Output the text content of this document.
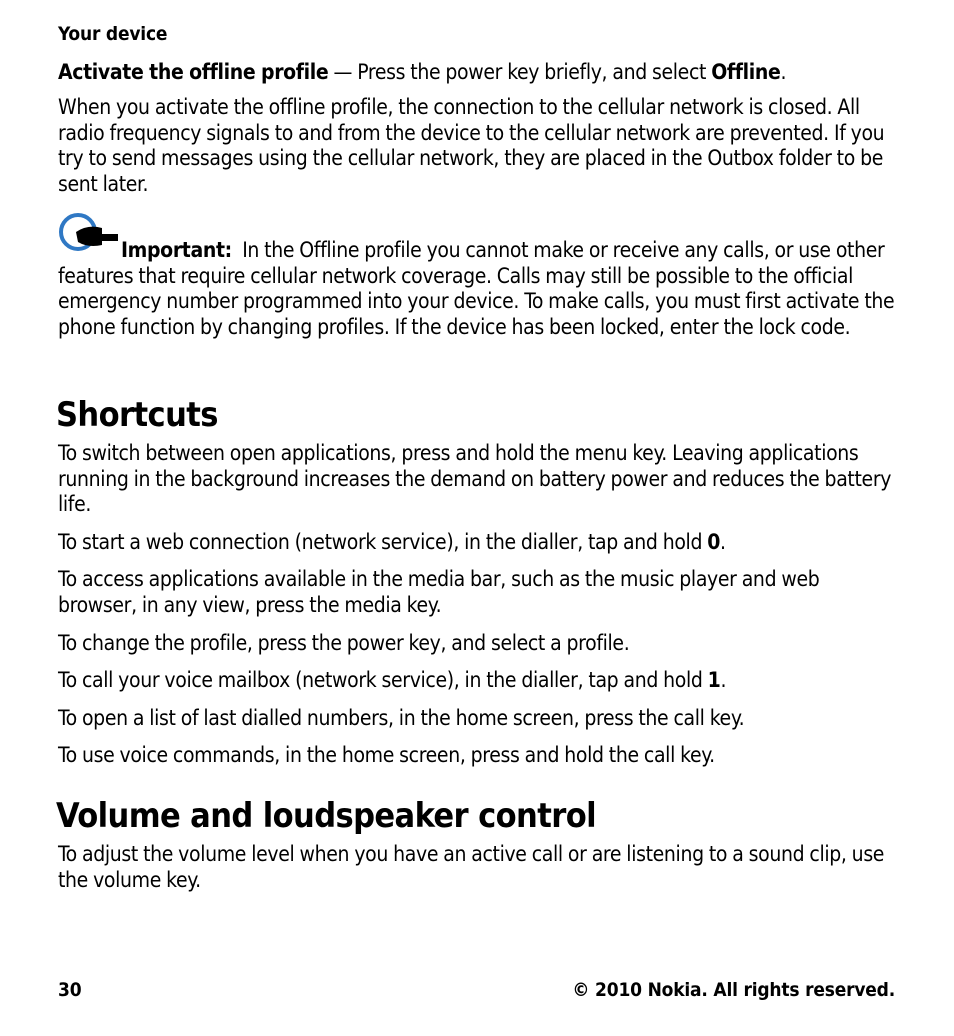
Your device
Activate the offline profile — Press the power key briefly, and select Offline.
When you activate the offline profile, the connection to the cellular network is closed. All radio frequency signals to and from the device to the cellular network are prevented. If you try to send messages using the cellular network, they are placed in the Outbox folder to be sent later.
Important: In the Offline profile you cannot make or receive any calls, or use other features that require cellular network coverage. Calls may still be possible to the official emergency number programmed into your device. To make calls, you must first activate the phone function by changing profiles. If the device has been locked, enter the lock code.
Shortcuts
To switch between open applications, press and hold the menu key. Leaving applications running in the background increases the demand on battery power and reduces the battery life.
To start a web connection (network service), in the dialler, tap and hold 0.
To access applications available in the media bar, such as the music player and web browser, in any view, press the media key.
To change the profile, press the power key, and select a profile.
To call your voice mailbox (network service), in the dialler, tap and hold 1.
To open a list of last dialled numbers, in the home screen, press the call key.
To use voice commands, in the home screen, press and hold the call key.
Volume and loudspeaker control
To adjust the volume level when you have an active call or are listening to a sound clip, use the volume key.
30	© 2010 Nokia. All rights reserved.
